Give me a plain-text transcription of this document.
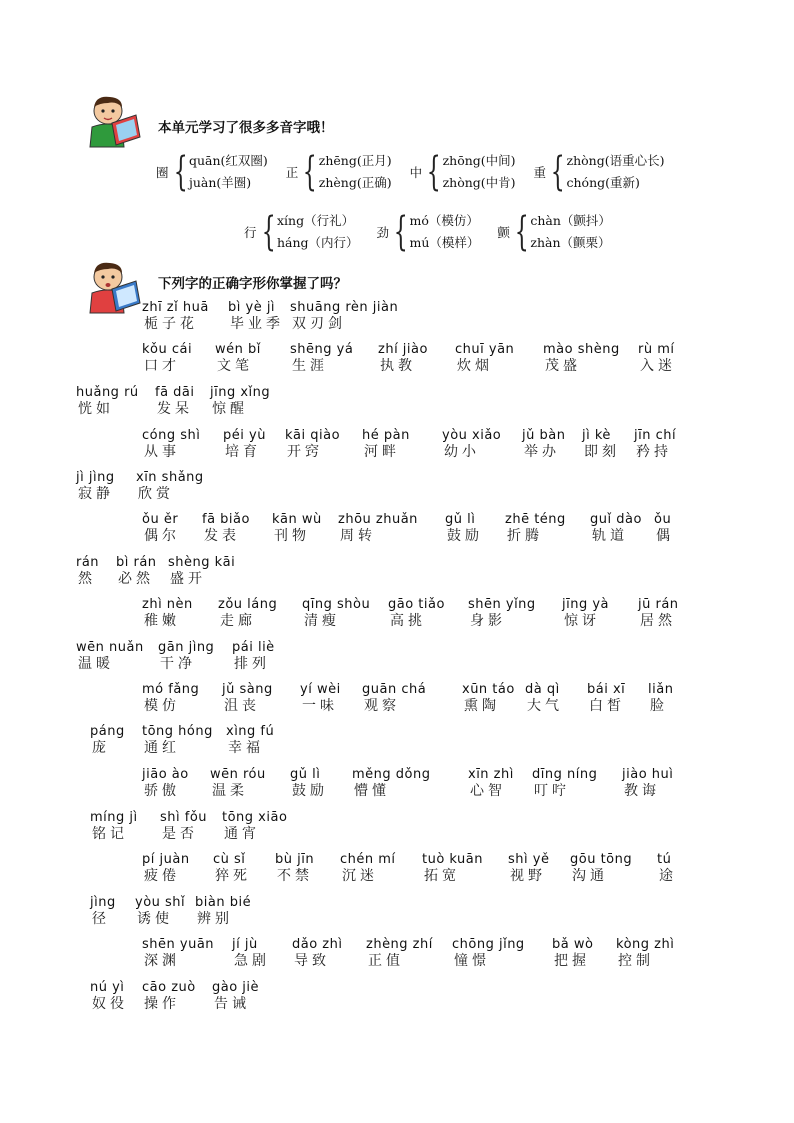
本单元学习了很多多音字哦！
圈 { quān(红双圈)
juàn(羊圈)
正 { zhēng(正月)
zhèng(正确)
中 { zhōng(中间)
zhòng(中肯)
重 { zhòng(语重心长)
chóng(重新)
行 { xíng（行礼）
háng（内行）
劲 { mó（模仿）
mú（模样）
颤 { chàn（颤抖）
zhàn（颤栗）
下列字的正确字形你掌握了吗？
zhī zǐ huā
栀子花
bì yè jì
毕业季
shuāng rèn jiàn
双刃剑
kǒu cái
口才
wén bǐ
文笔
shēng yá
生涯
zhí jiào
执教
chuī yān
炊烟
mào shèng
茂盛
rù mí
入迷
huǎng rú
恍如
fā dāi
发呆
jīng xǐng
惊醒
cóng shì
从事
péi yù
培育
kāi qiào
开窍
hé pàn
河畔
yòu xiǎo
幼小
jǔ bàn
举办
jì kè
即刻
jīn chí
矜持
jì jìng
寂静
xīn shǎng
欣赏
ǒu ěr
偶尔
fā biǎo
发表
kān wù
刊物
zhōu zhuǎn
周转
gǔ lì
鼓励
zhē téng
折腾
guǐ dào
轨道
ǒu
偶
rán
然
bì rán
必然
shèng kāi
盛开
zhì nèn
稚嫩
zǒu láng
走廊
qīng shòu
清瘦
gāo tiǎo
高挑
shēn yǐng
身影
jīng yà
惊讶
jū rán
居然
wēn nuǎn
温暖
gān jìng
干净
pái liè
排列
mó fǎng
模仿
jǔ sàng
沮丧
yí wèi
一味
guān chá
观察
xūn táo
熏陶
dà qì
大气
bái xī
白皙
liǎn
脸
páng
庞
tōng hóng
通红
xìng fú
幸福
jiāo ào
骄傲
wēn róu
温柔
gǔ lì
鼓励
měng dǒng
懵懂
xīn zhì
心智
dīng níng
叮咛
jiào huì
教诲
míng jì
铭记
shì fǒu
是否
tōng xiāo
通宵
pí juàn
疲倦
cù sǐ
猝死
bù jīn
不禁
chén mí
沉迷
tuò kuān
拓宽
shì yě
视野
gōu tōng
沟通
tú
途
jìng
径
yòu shǐ
诱使
biàn bié
辨别
shēn yuān
深渊
jí jù
急剧
dǎo zhì
导致
zhèng zhí
正值
chōng jǐng
憧憬
bǎ wò
把握
kòng zhì
控制
nú yì
奴役
cāo zuò
操作
gào jiè
告诫
